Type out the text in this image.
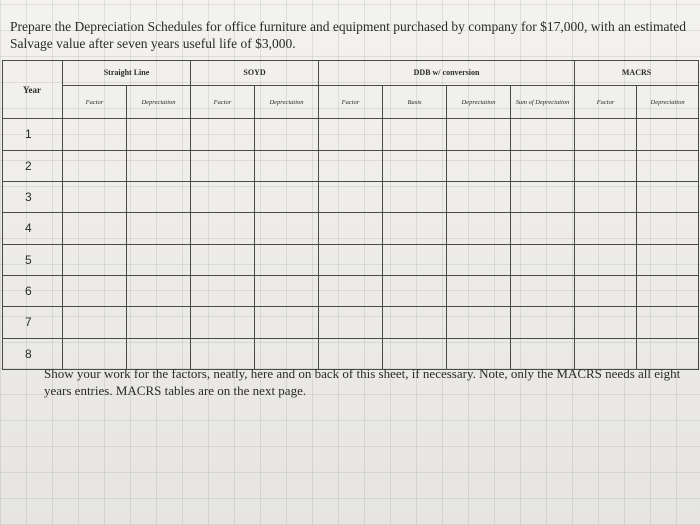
Prepare the Depreciation Schedules for office furniture and equipment purchased by company for $17,000, with an estimated Salvage value after seven years useful life of $3,000.
Year	Straight Line		SOYD		DDB w/ conversion				MACRS	
	Factor	Depreciation	Factor	Depreciation	Factor	Basis	Depreciation	Sum of Depreciation	Factor	Depreciation
1										
2										
3										
4										
5										
6										
7										
8										
Show your work for the factors, neatly, here and on back of this sheet, if necessary. Note, only the MACRS needs all eight years entries. MACRS tables are on the next page.
